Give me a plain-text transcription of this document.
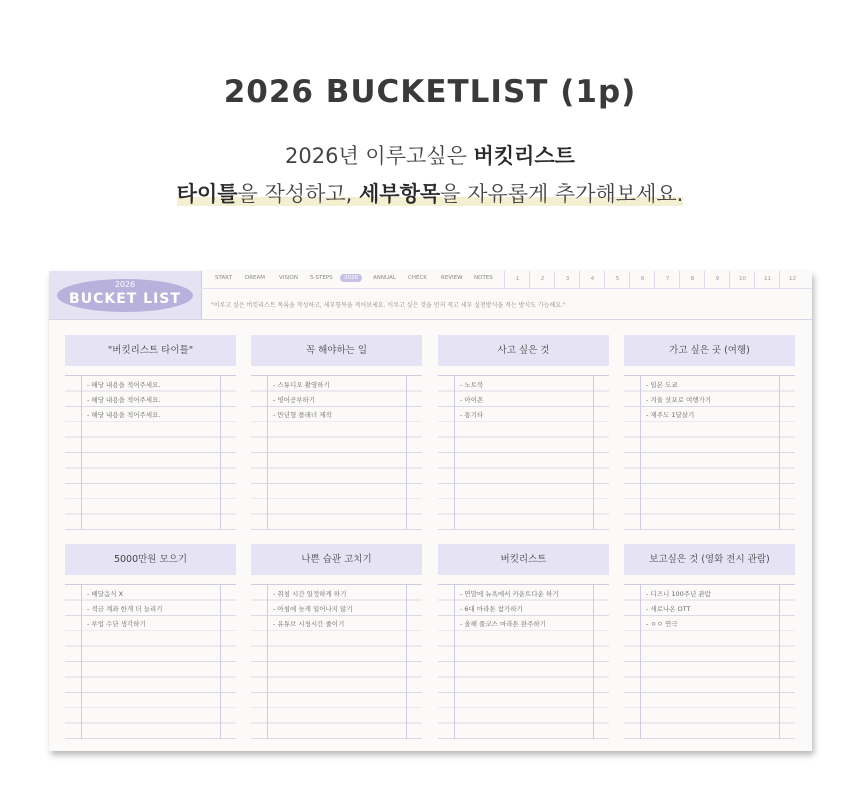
2026 BUCKETLIST (1p)
2026년 이루고싶은 버킷리스트
타이틀을 작성하고, 세부항목을 자유롭게 추가해보세요.
2026
BUCKET LIST
START DREAM	VISION 5-STEPS	2026	ANNUAL CHECK	REVIEW NOTES	1	2	3	4	5	6	7	8	9	10	11	12
"이루고 싶은 버킷리스트 목록을 작성하고, 세부항목을 적어보세요. 이루고 싶은 것을 먼저 적고 세부 실천방식을 적는 방식도 가능해요."
"버킷리스트 타이틀"
- 해당 내용을 적어주세요.
- 해당 내용을 적어주세요.
- 해당 내용을 적어주세요.
꼭 해야하는 일
- 스튜디오 촬영하기
- 영어공부하기
- 만년형 플래너 제작
사고 싶은 것
- 노트북
- 아이폰
- 통기타
가고 싶은 곳 (여행)
- 일본 도쿄
- 겨울 삿포로 여행가기
- 제주도 1달살기
5000만원 모으기
- 배달음식 X
- 적금 계좌 한개 더 늘리기
- 부업 수단 생각하기
나쁜 습관 고치기
- 취침 시간 일정하게 하기
- 아침에 늦게 일어나지 않기
- 유튜브 시청시간 줄이기
버킷리스트
- 연말에 뉴욕에서 카운트다운 하기
- 6대 마라톤 참가하기
- 올해 풀코스 마라톤 완주하기
보고싶은 것 (영화 전시 관람)
- 디즈니 100주년 관람
- 새로나온 OTT
- ㅇㅇ 연극
